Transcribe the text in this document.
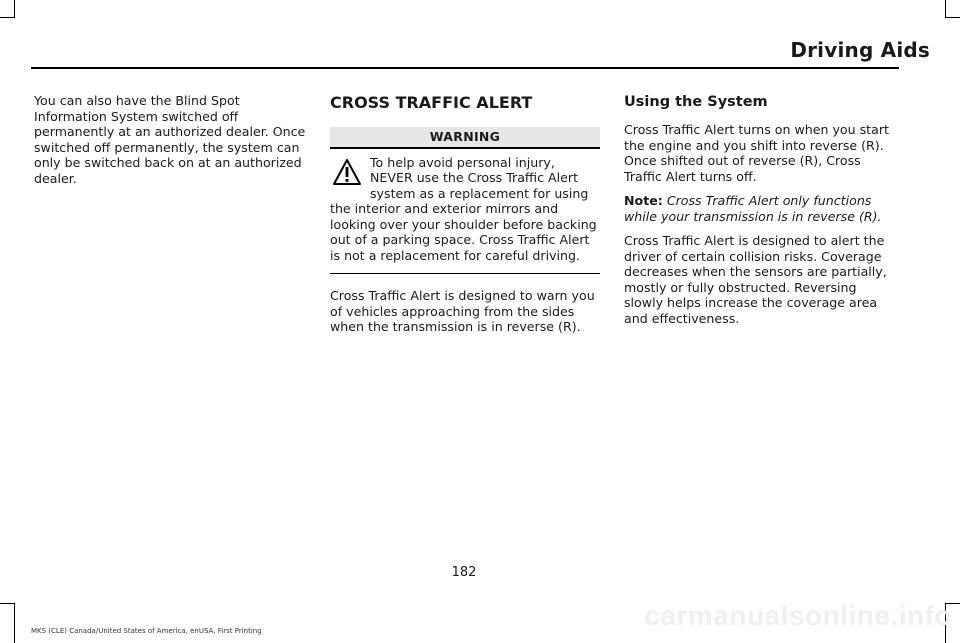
Driving Aids

You can also have the Blind Spot Information System switched off permanently at an authorized dealer. Once switched off permanently, the system can only be switched back on at an authorized dealer.

CROSS TRAFFIC ALERT
WARNING
To help avoid personal injury, NEVER use the Cross Traffic Alert system as a replacement for using the interior and exterior mirrors and looking over your shoulder before backing out of a parking space. Cross Traffic Alert is not a replacement for careful driving.

Cross Traffic Alert is designed to warn you of vehicles approaching from the sides when the transmission is in reverse (R).

Using the System

Cross Traffic Alert turns on when you start the engine and you shift into reverse (R). Once shifted out of reverse (R), Cross Traffic Alert turns off.

Note: Cross Traffic Alert only functions while your transmission is in reverse (R).

Cross Traffic Alert is designed to alert the driver of certain collision risks. Coverage decreases when the sensors are partially, mostly or fully obstructed. Reversing slowly helps increase the coverage area and effectiveness.

182
MKS (CLE) Canada/United States of America, enUSA, First Printing	carmanualsonline.info
